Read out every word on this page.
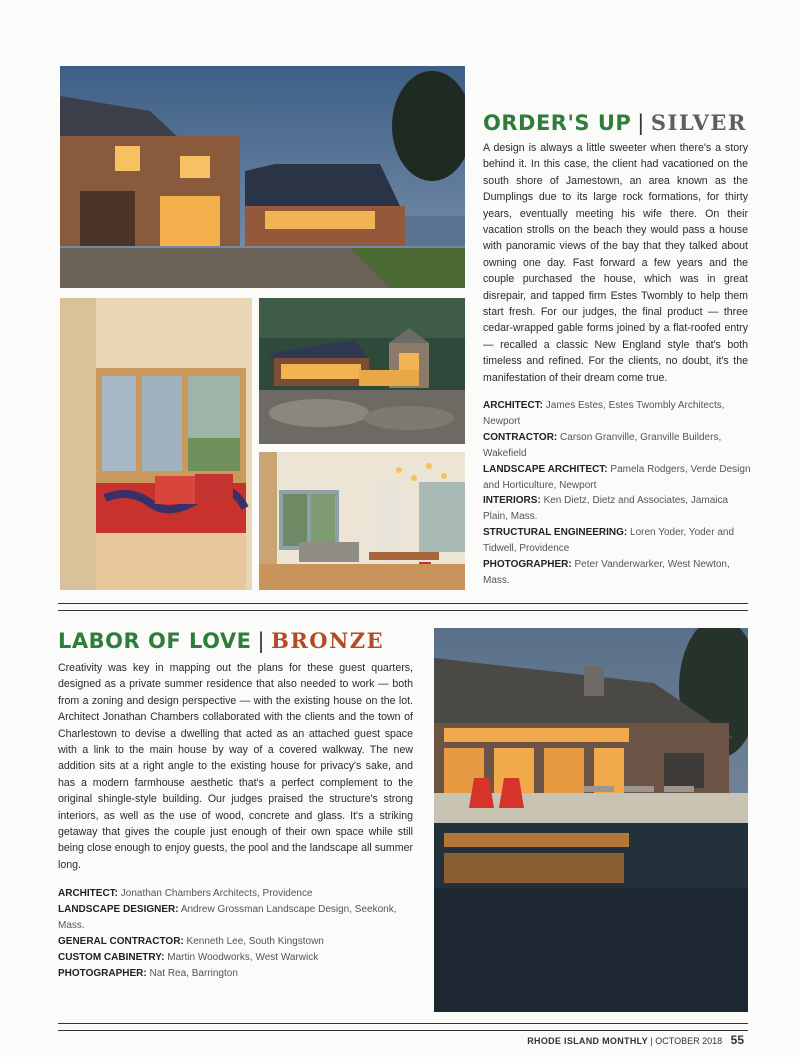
ORDER'S UP | SILVER
A design is always a little sweeter when there's a story behind it. In this case, the client had vacationed on the south shore of Jamestown, an area known as the Dumplings due to its large rock formations, for thirty years, eventually meeting his wife there. On their vacation strolls on the beach they would pass a house with panoramic views of the bay that they talked about owning one day. Fast forward a few years and the couple purchased the house, which was in great disrepair, and tapped firm Estes Twombly to help them start fresh. For our judges, the final product — three cedar-wrapped gable forms joined by a flat-roofed entry — recalled a classic New England style that's both timeless and refined. For the clients, no doubt, it's the manifestation of their dream come true.
ARCHITECT: James Estes, Estes Twombly Architects, Newport
CONTRACTOR: Carson Granville, Granville Builders, Wakefield
LANDSCAPE ARCHITECT: Pamela Rodgers, Verde Design and Horticulture, Newport
INTERIORS: Ken Dietz, Dietz and Associates, Jamaica Plain, Mass.
STRUCTURAL ENGINEERING: Loren Yoder, Yoder and Tidwell, Providence
PHOTOGRAPHER: Peter Vanderwarker, West Newton, Mass.
LABOR OF LOVE | BRONZE
Creativity was key in mapping out the plans for these guest quarters, designed as a private summer residence that also needed to work — both from a zoning and design perspective — with the existing house on the lot. Architect Jonathan Chambers collaborated with the clients and the town of Charlestown to devise a dwelling that acted as an attached guest space with a link to the main house by way of a covered walkway. The new addition sits at a right angle to the existing house for privacy's sake, and has a modern farmhouse aesthetic that's a perfect complement to the original shingle-style building. Our judges praised the structure's strong interiors, as well as the use of wood, concrete and glass. It's a striking getaway that gives the couple just enough of their own space while still being close enough to enjoy guests, the pool and the landscape all summer long.
ARCHITECT: Jonathan Chambers Architects, Providence
LANDSCAPE DESIGNER: Andrew Grossman Landscape Design, Seekonk, Mass.
GENERAL CONTRACTOR: Kenneth Lee, South Kingstown
CUSTOM CABINETRY: Martin Woodworks, West Warwick
PHOTOGRAPHER: Nat Rea, Barrington
RHODE ISLAND MONTHLY | OCTOBER 2018 55
